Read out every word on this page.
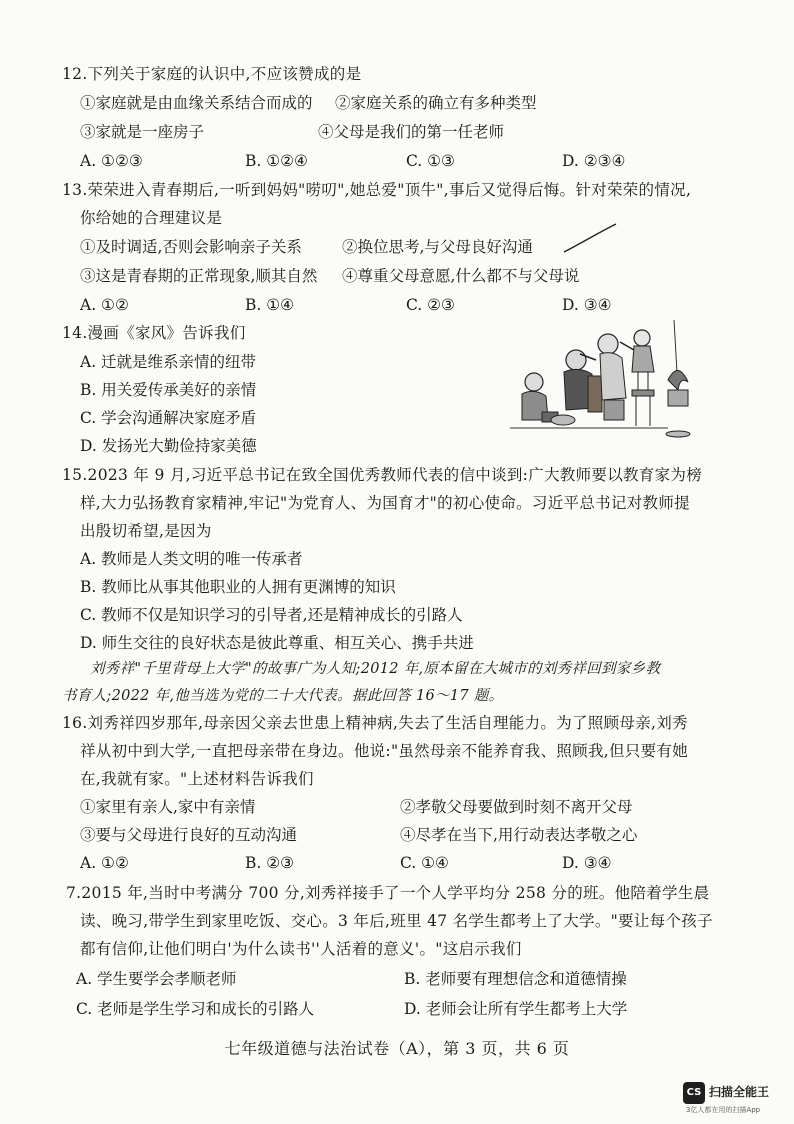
12.下列关于家庭的认识中,不应该赞成的是
①家庭就是由血缘关系结合而成的 ②家庭关系的确立有多种类型
③家就是一座房子	④父母是我们的第一任老师
A. ①②③	B. ①②④	C. ①③	D. ②③④
13.荣荣进入青春期后,一听到妈妈"唠叨",她总爱"顶牛",事后又觉得后悔。针对荣荣的情况,
你给她的合理建议是
①及时调适,否则会影响亲子关系	②换位思考,与父母良好沟通
③这是青春期的正常现象,顺其自然 ④尊重父母意愿,什么都不与父母说
A. ①②	B. ①④	C. ②③	D. ③④
14.漫画《家风》告诉我们
A. 迁就是维系亲情的纽带
B. 用关爱传承美好的亲情
C. 学会沟通解决家庭矛盾
D. 发扬光大勤俭持家美德
15.2023 年 9 月,习近平总书记在致全国优秀教师代表的信中谈到:广大教师要以教育家为榜
样,大力弘扬教育家精神,牢记"为党育人、为国育才"的初心使命。习近平总书记对教师提
出殷切希望,是因为
A. 教师是人类文明的唯一传承者
B. 教师比从事其他职业的人拥有更渊博的知识
C. 教师不仅是知识学习的引导者,还是精神成长的引路人
D. 师生交往的良好状态是彼此尊重、相互关心、携手共进
刘秀祥"千里背母上大学"的故事广为人知;2012 年,原本留在大城市的刘秀祥回到家乡教
书育人;2022 年,他当选为党的二十大代表。据此回答 16～17 题。
16.刘秀祥四岁那年,母亲因父亲去世患上精神病,失去了生活自理能力。为了照顾母亲,刘秀
祥从初中到大学,一直把母亲带在身边。他说:"虽然母亲不能养育我、照顾我,但只要有她
在,我就有家。"上述材料告诉我们
①家里有亲人,家中有亲情	②孝敬父母要做到时刻不离开父母
③要与父母进行良好的互动沟通	④尽孝在当下,用行动表达孝敬之心
A. ①②	B. ②③	C. ①④	D. ③④
7.2015 年,当时中考满分 700 分,刘秀祥接手了一个人学平均分 258 分的班。他陪着学生晨
读、晚习,带学生到家里吃饭、交心。3 年后,班里 47 名学生都考上了大学。"要让每个孩子
都有信仰,让他们明白'为什么读书''人活着的意义'。"这启示我们
A. 学生要学会孝顺老师	B. 老师要有理想信念和道德情操
C. 老师是学生学习和成长的引路人	D. 老师会让所有学生都考上大学
七年级道德与法治试卷（A），第 3 页，共 6 页
CS 扫描全能王
3亿人都在用的扫描App
